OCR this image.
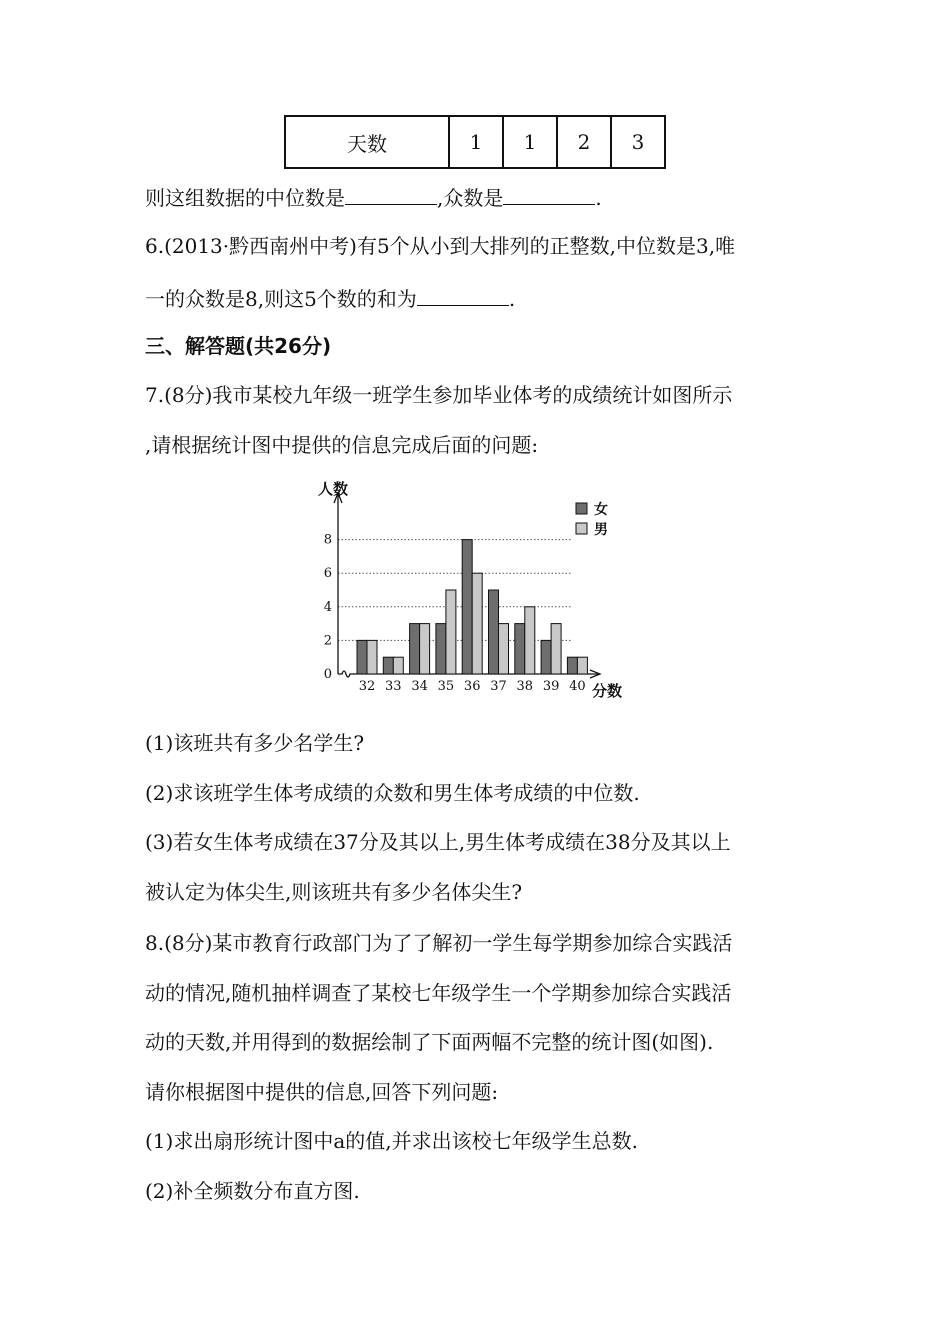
天数	1	1	2	3
则这组数据的中位数是	,众数是	.
6.(2013·黔西南州中考)有5个从小到大排列的正整数,中位数是3,唯
一的众数是8,则这5个数的和为	.
三、解答题(共26分)
7.(8分)我市某校九年级一班学生参加毕业体考的成绩统计如图所示
,请根据统计图中提供的信息完成后面的问题:
0
2
4
6
8
人数
分数
32 33 34 35 36 37 38 39 40
女
男
(1)该班共有多少名学生?
(2)求该班学生体考成绩的众数和男生体考成绩的中位数.
(3)若女生体考成绩在37分及其以上,男生体考成绩在38分及其以上
被认定为体尖生,则该班共有多少名体尖生?
8.(8分)某市教育行政部门为了了解初一学生每学期参加综合实践活
动的情况,随机抽样调查了某校七年级学生一个学期参加综合实践活
动的天数,并用得到的数据绘制了下面两幅不完整的统计图(如图).
请你根据图中提供的信息,回答下列问题:
(1)求出扇形统计图中a的值,并求出该校七年级学生总数.
(2)补全频数分布直方图.
